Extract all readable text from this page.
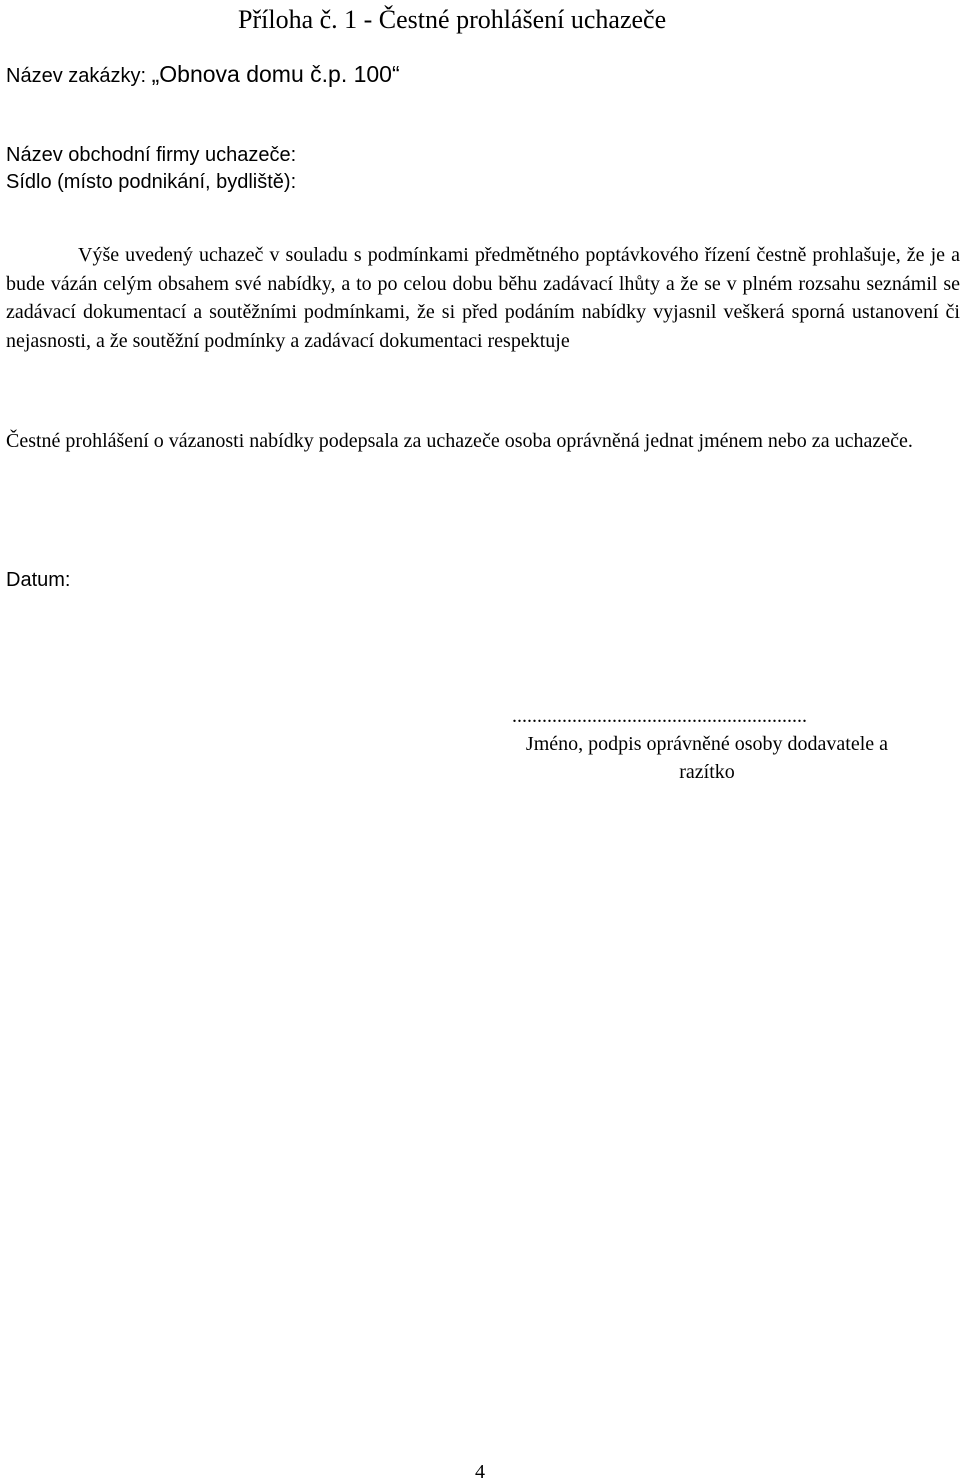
Příloha č. 1 - Čestné prohlášení uchazeče
Název zakázky: „Obnova domu č.p. 100“
Název obchodní firmy uchazeče:
Sídlo (místo podnikání, bydliště):
Výše uvedený uchazeč v souladu s podmínkami předmětného poptávkového řízení čestně prohlašuje, že je a bude vázán celým obsahem své nabídky, a to po celou dobu běhu zadávací lhůty a že se v plném rozsahu seznámil se zadávací dokumentací a soutěžními podmínkami, že si před podáním nabídky vyjasnil veškerá sporná ustanovení či nejasnosti, a že soutěžní podmínky a zadávací dokumentaci respektuje
Čestné prohlášení o vázanosti nabídky podepsala za uchazeče osoba oprávněná jednat jménem nebo za uchazeče.
Datum:
...........................................................
Jméno, podpis oprávněné osoby dodavatele a razítko
4
